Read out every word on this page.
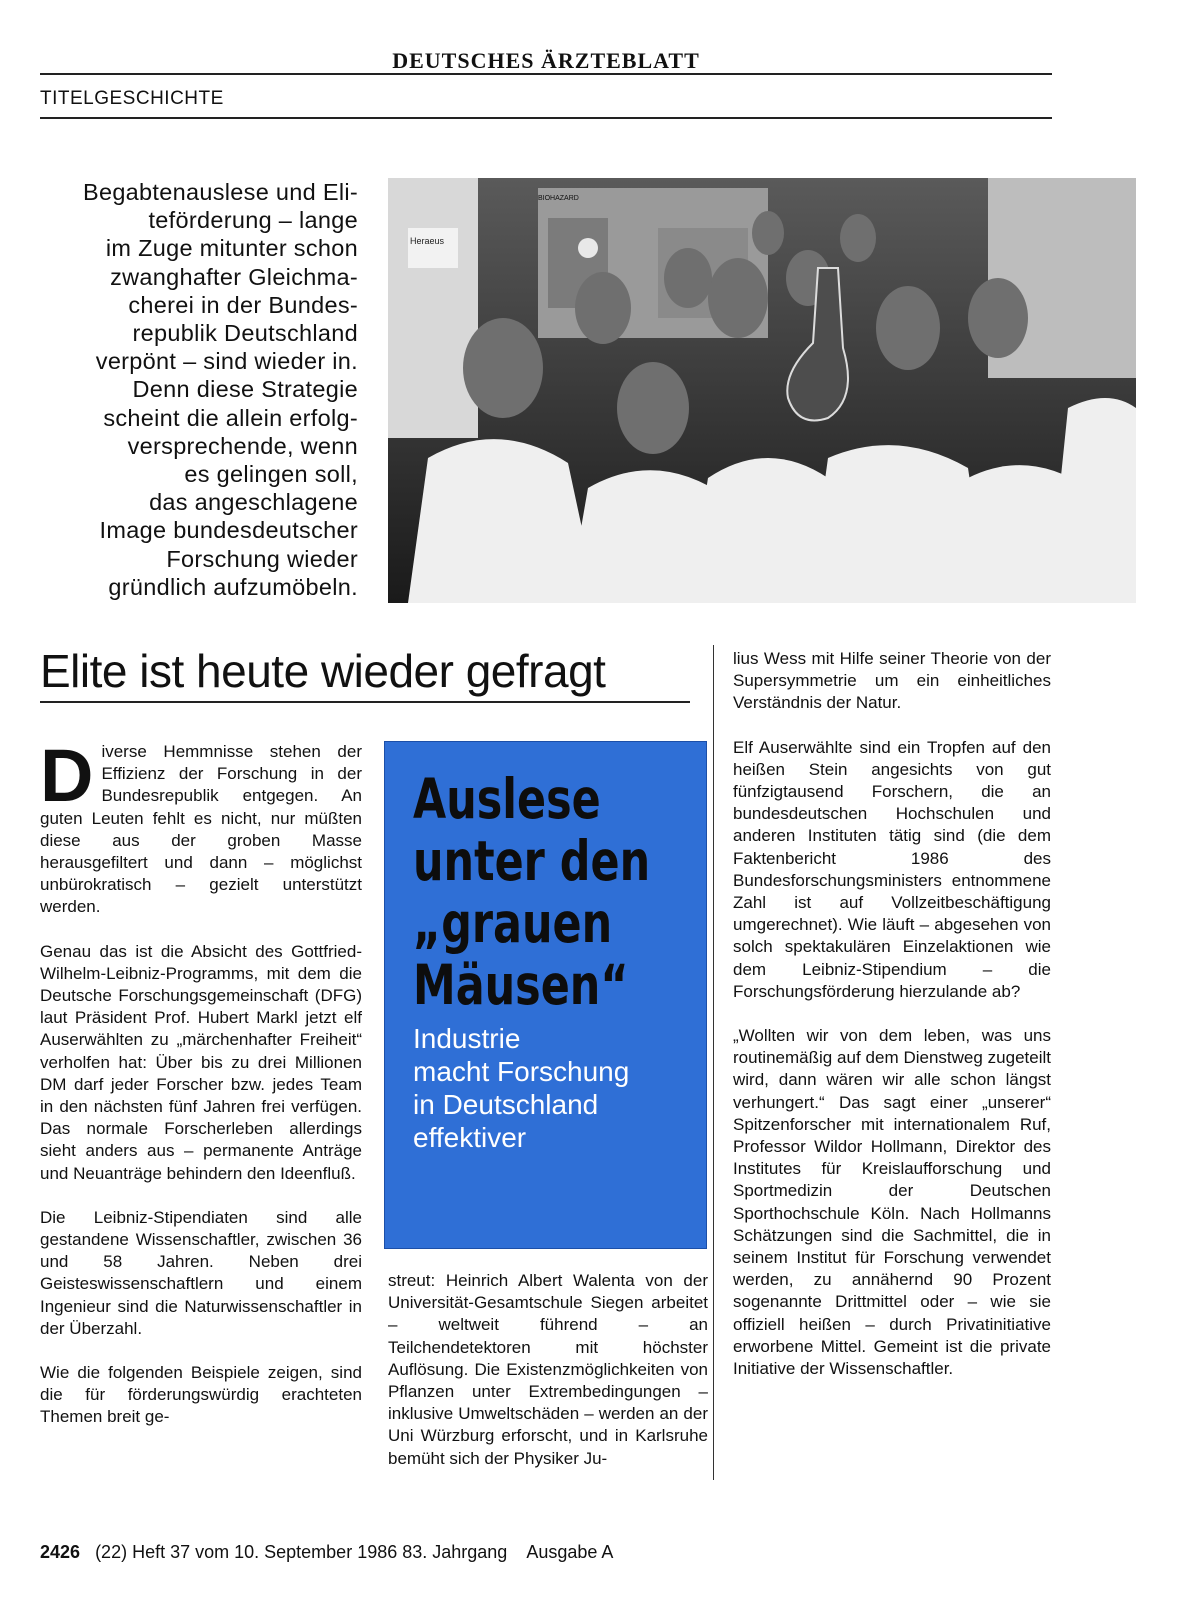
DEUTSCHES ÄRZTEBLATT
TITELGESCHICHTE
Begabtenauslese und Eli-
teförderung – lange
im Zuge mitunter schon
zwanghafter Gleichma-
cherei in der Bundes-
republik Deutschland
verpönt – sind wieder in.
Denn diese Strategie
scheint die allein erfolg-
versprechende, wenn
es gelingen soll,
das angeschlagene
Image bundesdeutscher
Forschung wieder
gründlich aufzumöbeln.
Heraeus
BIOHAZARD
Elite ist heute wieder gefragt

Diverse Hemmnisse stehen der Effizienz der Forschung in der Bundesrepublik entgegen. An guten Leuten fehlt es nicht, nur müßten diese aus der groben Masse herausgefiltert und dann – möglichst unbürokratisch – gezielt unterstützt werden.

Genau das ist die Absicht des Gottfried-Wilhelm-Leibniz-Programms, mit dem die Deutsche Forschungsgemeinschaft (DFG) laut Präsident Prof. Hubert Markl jetzt elf Auserwählten zu „märchenhafter Freiheit“ verholfen hat: Über bis zu drei Millionen DM darf jeder Forscher bzw. jedes Team in den nächsten fünf Jahren frei verfügen. Das normale Forscherleben allerdings sieht anders aus – permanente Anträge und Neuanträge behindern den Ideenfluß.

Die Leibniz-Stipendiaten sind alle gestandene Wissenschaftler, zwischen 36 und 58 Jahren. Neben drei Geisteswissenschaftlern und einem Ingenieur sind die Naturwissenschaftler in der Überzahl.

Wie die folgenden Beispiele zeigen, sind die für förderungswürdig erachteten Themen breit ge-

Auslese
unter den
„grauen
Mäusen“
Industrie
macht Forschung
in Deutschland
effektiver

streut: Heinrich Albert Walenta von der Universität-Gesamtschule Siegen arbeitet – weltweit führend – an Teilchendetektoren mit höchster Auflösung. Die Existenzmöglichkeiten von Pflanzen unter Extrembedingungen – inklusive Umweltschäden – werden an der Uni Würzburg erforscht, und in Karlsruhe bemüht sich der Physiker Ju-

lius Wess mit Hilfe seiner Theorie von der Supersymmetrie um ein einheitliches Verständnis der Natur.

Elf Auserwählte sind ein Tropfen auf den heißen Stein angesichts von gut fünfzigtausend Forschern, die an bundesdeutschen Hochschulen und anderen Instituten tätig sind (die dem Faktenbericht 1986 des Bundesforschungsministers entnommene Zahl ist auf Vollzeitbeschäftigung umgerechnet). Wie läuft – abgesehen von solch spektakulären Einzelaktionen wie dem Leibniz-Stipendium – die Forschungsförderung hierzulande ab?

„Wollten wir von dem leben, was uns routinemäßig auf dem Dienstweg zugeteilt wird, dann wären wir alle schon längst verhungert.“ Das sagt einer „unserer“ Spitzenforscher mit internationalem Ruf, Professor Wildor Hollmann, Direktor des Institutes für Kreislaufforschung und Sportmedizin der Deutschen Sporthochschule Köln. Nach Hollmanns Schätzungen sind die Sachmittel, die in seinem Institut für Forschung verwendet werden, zu annähernd 90 Prozent sogenannte Drittmittel oder – wie sie offiziell heißen – durch Privatinitiative erworbene Mittel. Gemeint ist die private Initiative der Wissenschaftler.

2426 (22) Heft 37 vom 10. September 1986 83. Jahrgang Ausgabe A
